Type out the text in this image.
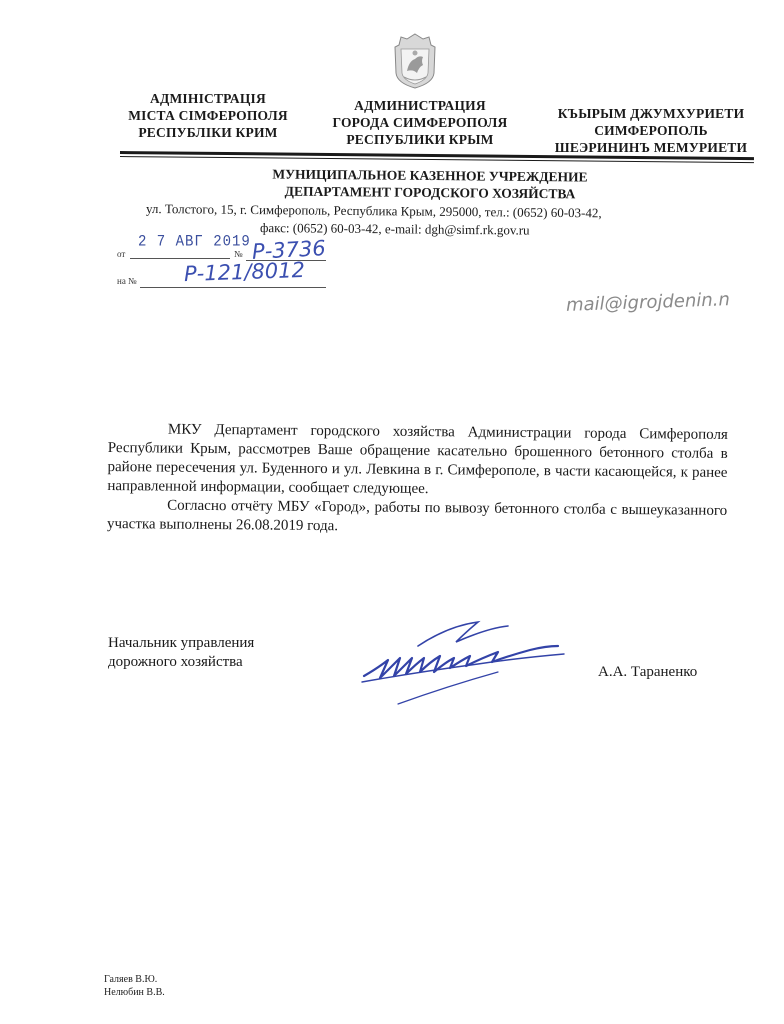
АДМІНІСТРАЦІЯ
МІСТА СІМФЕРОПОЛЯ
РЕСПУБЛІКИ КРИМ
АДМИНИСТРАЦИЯ
ГОРОДА СИМФЕРОПОЛЯ
РЕСПУБЛИКИ КРЫМ
КЪЫРЫМ ДЖУМХУРИЕТИ
СИМФЕРОПОЛЬ
ШЕЭРИНИНЪ МЕМУРИЕТИ
МУНИЦИПАЛЬНОЕ КАЗЕННОЕ УЧРЕЖДЕНИЕ
ДЕПАРТАМЕНТ ГОРОДСКОГО ХОЗЯЙСТВА
ул. Толстого, 15, г. Симферополь, Республика Крым, 295000, тел.: (0652) 60-03-42,
факс: (0652) 60-03-42, e-mail: dgh@simf.rk.gov.ru
от
2 7 АВГ 2019
№ Р-3736
на № Р-121/8012
mail@igrojdenin.n

МКУ Департамент городского хозяйства Администрации города Симферополя Республики Крым, рассмотрев Ваше обращение касательно брошенного бетонного столба в районе пересечения ул. Буденного и ул. Левкина в г. Симферополе, в части касающейся, к ранее направленной информации, сообщает следующее.

Согласно отчёту МБУ «Город», работы по вывозу бетонного столба с вышеуказанного участка выполнены 26.08.2019 года.

Начальник управления
дорожного хозяйства
А.А. Тараненко
Галяев В.Ю.
Нелюбин В.В.
